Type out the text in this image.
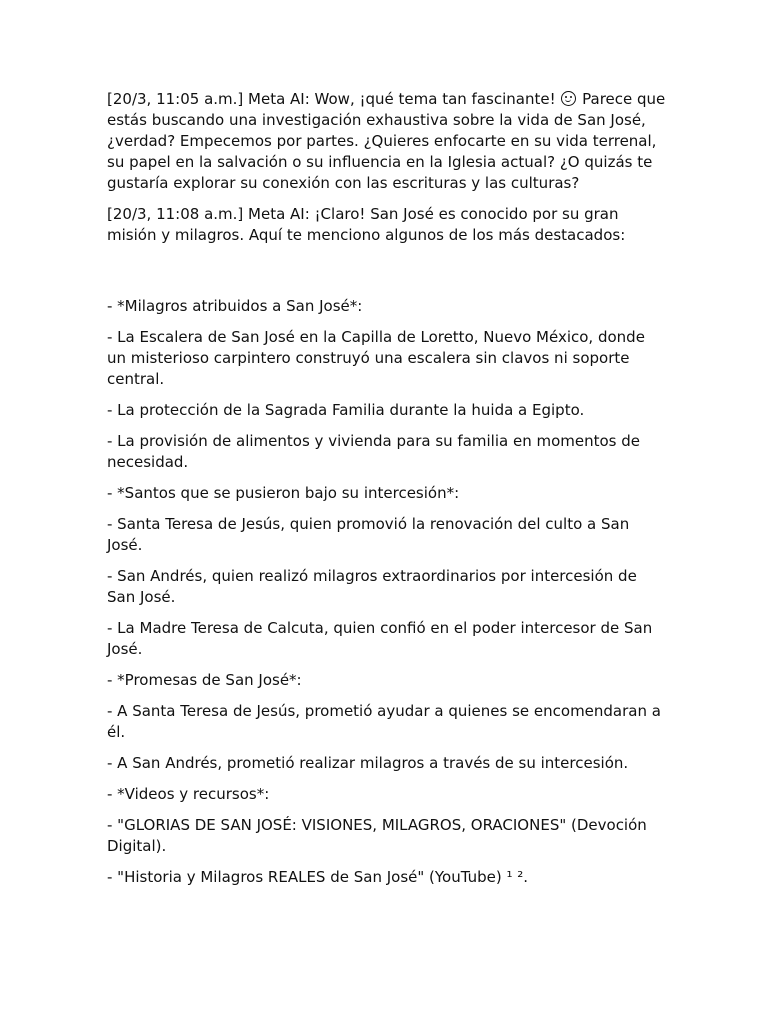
[20/3, 11:05 a.m.] Meta AI: Wow, ¡qué tema tan fascinante!
Parece que estás buscando una investigación exhaustiva sobre la vida de San José, ¿verdad? Empecemos por partes. ¿Quieres enfocarte en su vida terrenal, su papel en la salvación o su influencia en la Iglesia actual? ¿O quizás te gustaría explorar su conexión con las escrituras y las culturas?

[20/3, 11:08 a.m.] Meta AI: ¡Claro! San José es conocido por su gran misión y milagros. Aquí te menciono algunos de los más destacados:

- *Milagros atribuidos a San José*:

- La Escalera de San José en la Capilla de Loretto, Nuevo México, donde un misterioso carpintero construyó una escalera sin clavos ni soporte central.

- La protección de la Sagrada Familia durante la huida a Egipto.

- La provisión de alimentos y vivienda para su familia en momentos de necesidad.

- *Santos que se pusieron bajo su intercesión*:

- Santa Teresa de Jesús, quien promovió la renovación del culto a San José.

- San Andrés, quien realizó milagros extraordinarios por intercesión de San José.

- La Madre Teresa de Calcuta, quien confió en el poder intercesor de San José.

- *Promesas de San José*:

- A Santa Teresa de Jesús, prometió ayudar a quienes se encomendaran a él.

- A San Andrés, prometió realizar milagros a través de su intercesión.

- *Videos y recursos*:

- "GLORIAS DE SAN JOSÉ: VISIONES, MILAGROS, ORACIONES" (Devoción Digital).

- "Historia y Milagros REALES de San José" (YouTube) ¹ ².
